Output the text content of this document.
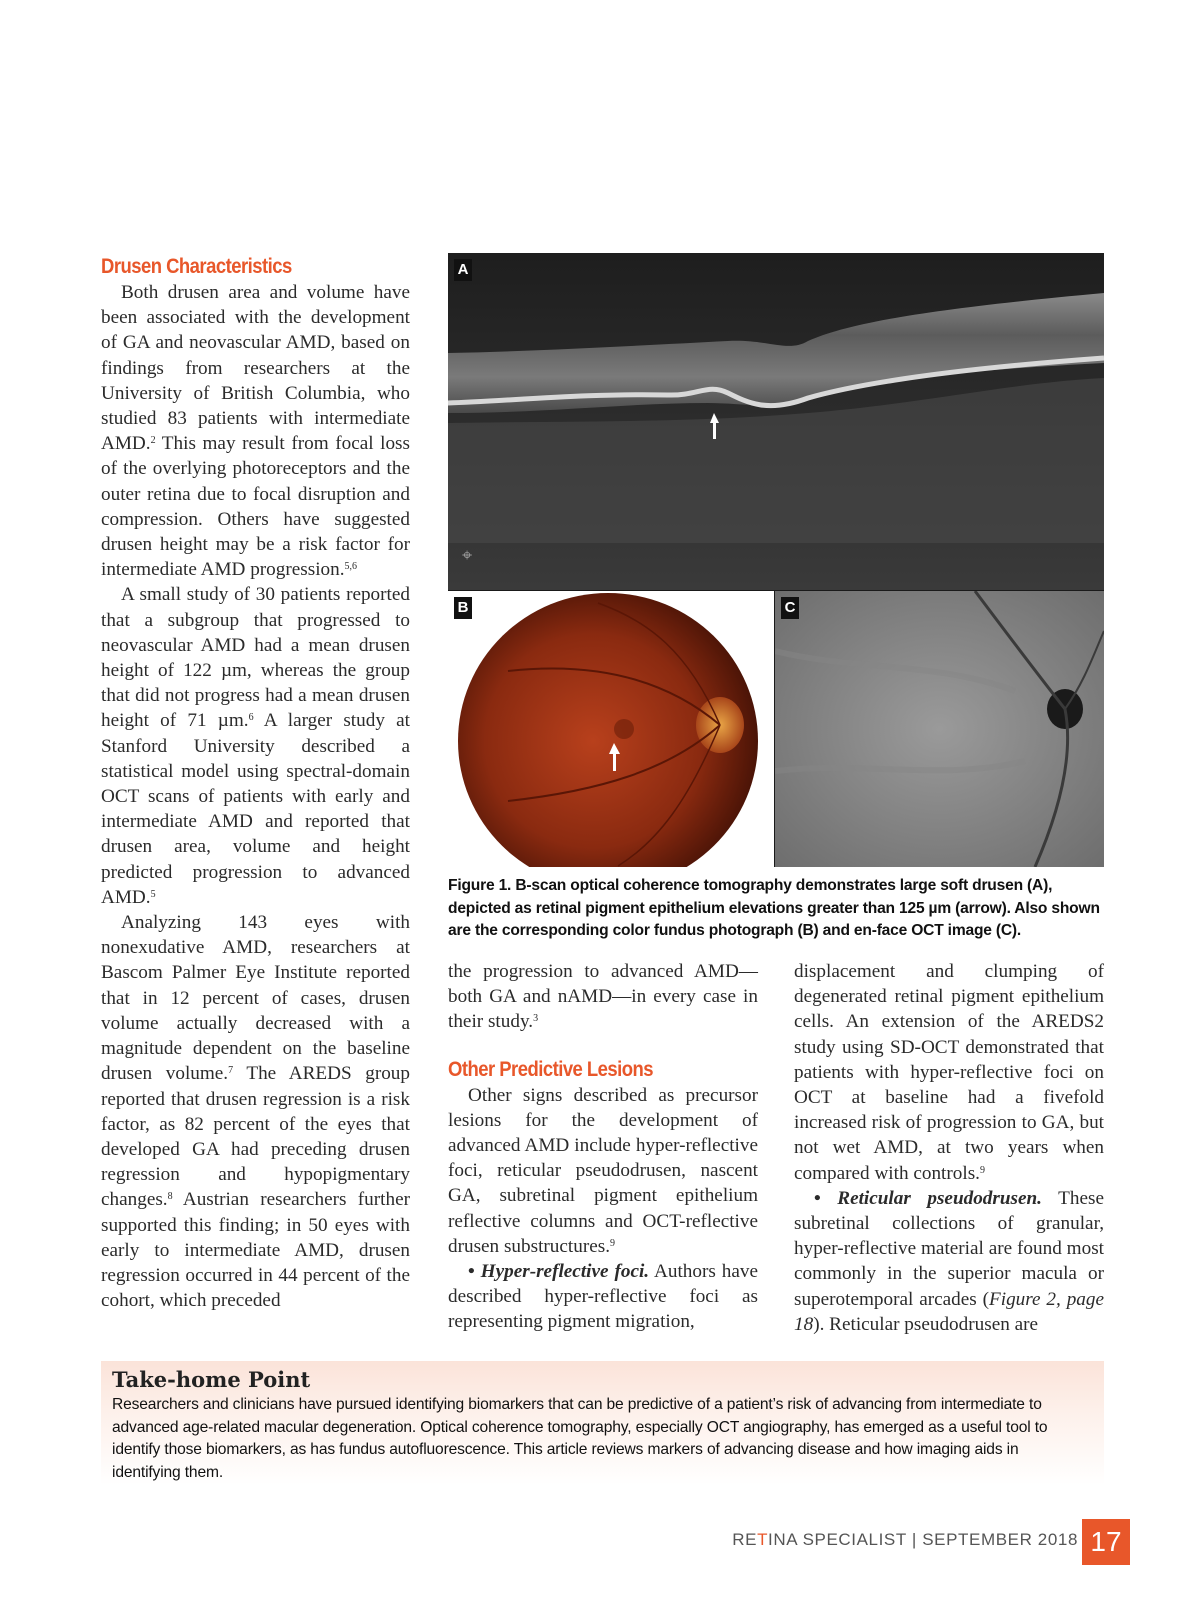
Drusen Characteristics

Both drusen area and volume have been associated with the development of GA and neovascular AMD, based on findings from researchers at the University of British Columbia, who studied 83 patients with intermediate AMD.$^2$ This may result from focal loss of the overlying photoreceptors and the outer retina due to focal disruption and compression. Others have suggested drusen height may be a risk factor for intermediate AMD progression.$^{5,6}$

A small study of 30 patients reported that a subgroup that progressed to neovascular AMD had a mean drusen height of 122 µm, whereas the group that did not progress had a mean drusen height of 71 µm.$^6$ A larger study at Stanford University described a statistical model using spectral-domain OCT scans of patients with early and intermediate AMD and reported that drusen area, volume and height predicted progression to advanced AMD.$^5$

Analyzing 143 eyes with nonexudative AMD, researchers at Bascom Palmer Eye Institute reported that in 12 percent of cases, drusen volume actually decreased with a magnitude dependent on the baseline drusen volume.$^7$ The AREDS group reported that drusen regression is a risk factor, as 82 percent of the eyes that developed GA had preceding drusen regression and hypopigmentary changes.$^8$ Austrian researchers further supported this finding; in 50 eyes with early to intermediate AMD, drusen regression occurred in 44 percent of the cohort, which preceded

⌖
A
B	C
Figure 1. B-scan optical coherence tomography demonstrates large soft drusen (A), depicted as retinal pigment epithelium elevations greater than 125 µm (arrow). Also shown are the corresponding color fundus photograph (B) and en-face OCT image (C).

the progression to advanced AMD—both GA and nAMD—in every case in their study.$^3$

Other Predictive Lesions

Other signs described as precursor lesions for the development of advanced AMD include hyper-reflective foci, reticular pseudodrusen, nascent GA, subretinal pigment epithelium reflective columns and OCT-reflective drusen substructures.$^9$

• Hyper-reflective foci. Authors have described hyper-reflective foci as representing pigment migration,

displacement and clumping of degenerated retinal pigment epithelium cells. An extension of the AREDS2 study using SD-OCT demonstrated that patients with hyper-reflective foci on OCT at baseline had a fivefold increased risk of progression to GA, but not wet AMD, at two years when compared with controls.$^9$

• Reticular pseudodrusen. These subretinal collections of granular, hyper-reflective material are found most commonly in the superior macula or superotemporal arcades (Figure 2, page 18). Reticular pseudodrusen are

Take-home Point
Researchers and clinicians have pursued identifying biomarkers that can be predictive of a patient’s risk of advancing from intermediate to advanced age-related macular degeneration. Optical coherence tomography, especially OCT angiography, has emerged as a useful tool to identify those biomarkers, as has fundus autofluorescence. This article reviews markers of advancing disease and how imaging aids in identifying them.
RETINA SPECIALIST | SEPTEMBER 2018 17
